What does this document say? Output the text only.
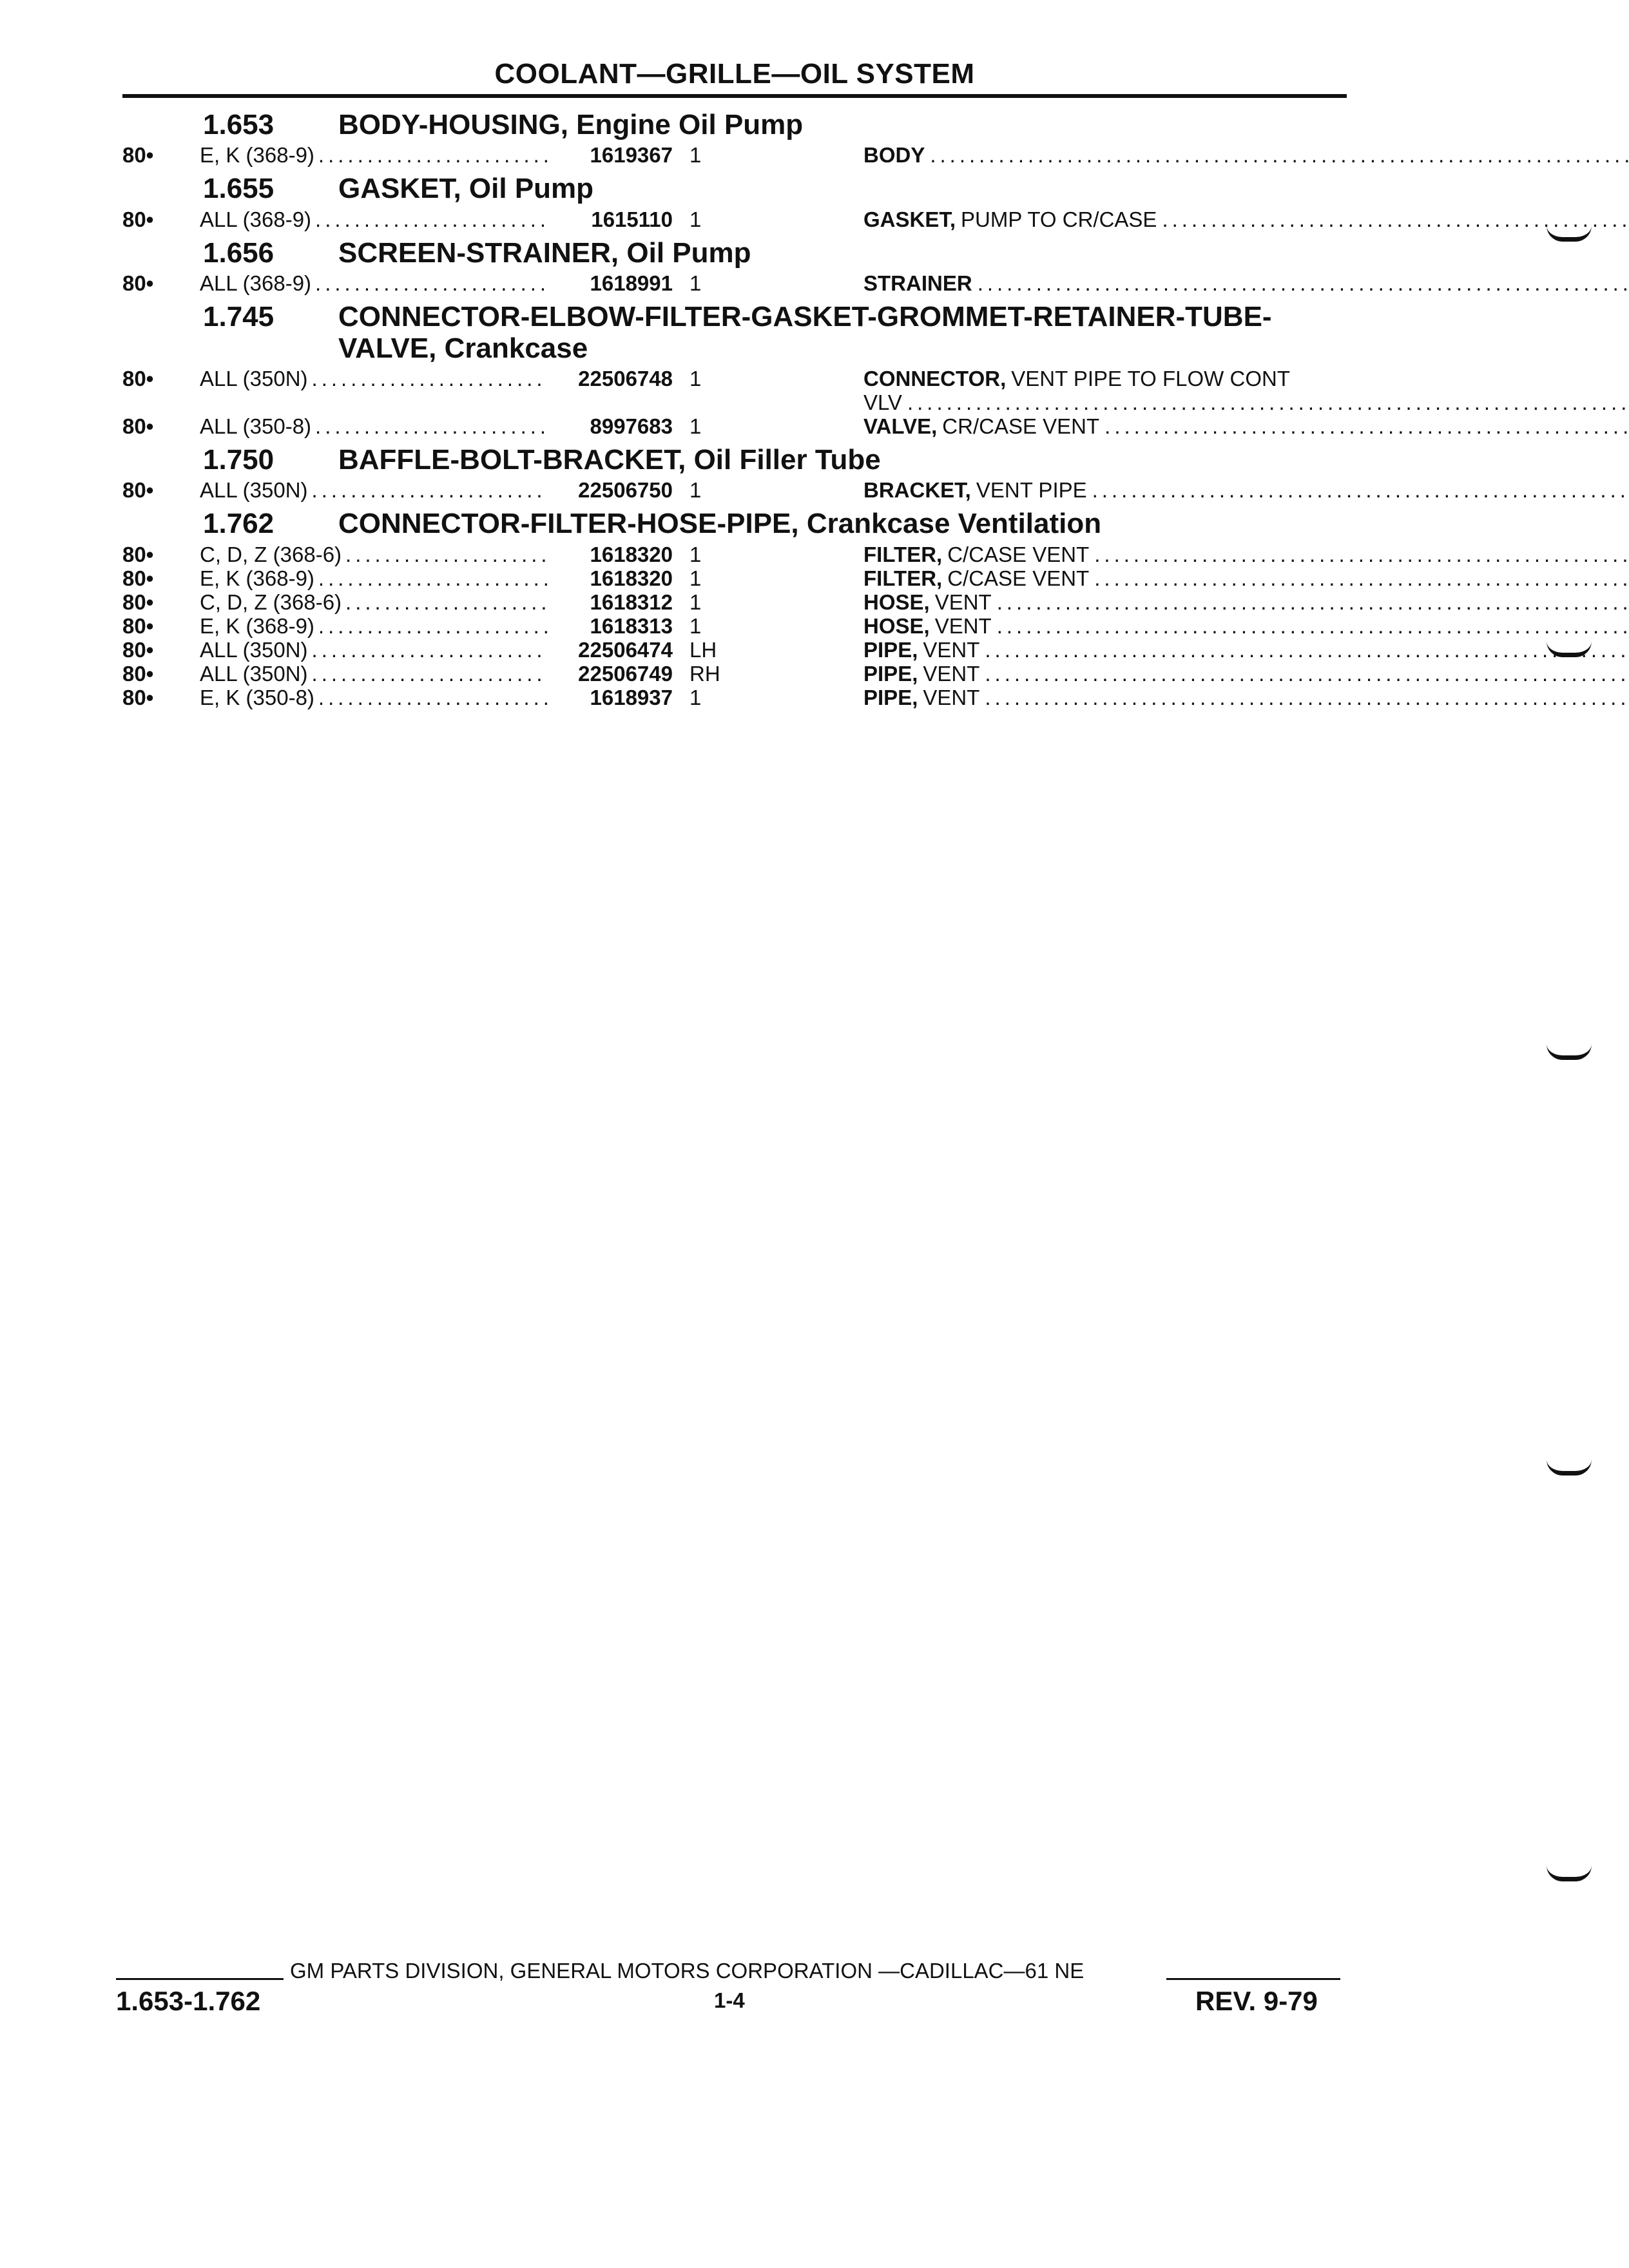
COOLANT—GRILLE—OIL SYSTEM
1.653	BODY-HOUSING, Engine Oil Pump
80•	E, K (368-9) .....	1619367 1	BODY
.....
1.655	GASKET, Oil Pump
80•	ALL (368-9) .....	1615110 1	GASKET, PUMP TO CR/CASE
.....
1.656	SCREEN-STRAINER, Oil Pump
80•	ALL (368-9) .....	1618991 1	STRAINER
.....
1.745	CONNECTOR-ELBOW-FILTER-GASKET-GROMMET-RETAINER-TUBE-VALVE, Crankcase
80•	ALL (350N) .....	22506748 1	CONNECTOR, VENT PIPE TO FLOW CONT
VLV
.....
80•	ALL (350-8) .....	8997683 1	VALVE, CR/CASE VENT
.....
1.750	BAFFLE-BOLT-BRACKET, Oil Filler Tube
80•	ALL (350N) .....	22506750 1	BRACKET, VENT PIPE
.....
1.762	CONNECTOR-FILTER-HOSE-PIPE, Crankcase Ventilation
80•	C, D, Z (368-6) .....	1618320 1	FILTER, C/CASE VENT
.....
80•	E, K (368-9) .....	1618320 1	FILTER, C/CASE VENT
.....
80•	C, D, Z (368-6) .....	1618312 1	HOSE, VENT
.....
80•	E, K (368-9) .....	1618313 1	HOSE, VENT
.....
80•	ALL (350N) .....	22506474 LH	PIPE, VENT
.....
80•	ALL (350N) .....	22506749 RH	PIPE, VENT
.....
80•	E, K (350-8) .....	1618937 1	PIPE, VENT
.....
GM PARTS DIVISION, GENERAL MOTORS CORPORATION —CADILLAC—61 NE
1.653-1.762	1-4	REV. 9-79
